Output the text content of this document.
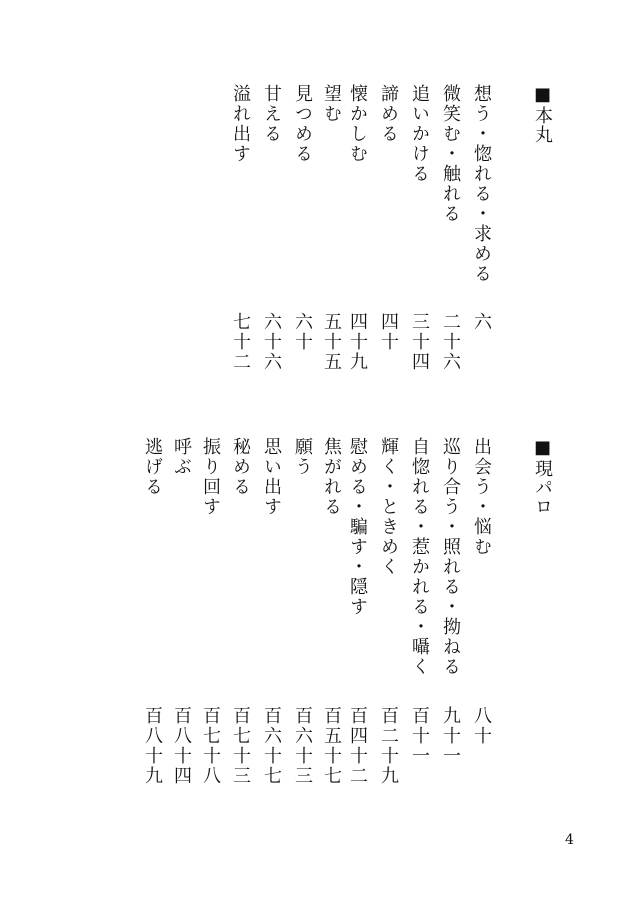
■本丸
想う・惚れる・求める
六
微笑む・触れる
二十六
追いかける
三十四
諦める
四十
懐かしむ
四十九
望む
五十五
見つめる
六十
甘える
六十六
溢れ出す
七十二
■現パロ
出会う・悩む
八十
巡り合う・照れる・拗ねる
九十一
自惚れる・惹かれる・囁く
百十一
輝く・ときめく
百二十九
慰める・騙す・隠す
百四十二
焦がれる
百五十七
願う
百六十三
思い出す
百六十七
秘める
百七十三
振り回す
百七十八
呼ぶ
百八十四
逃げる
百八十九
4
